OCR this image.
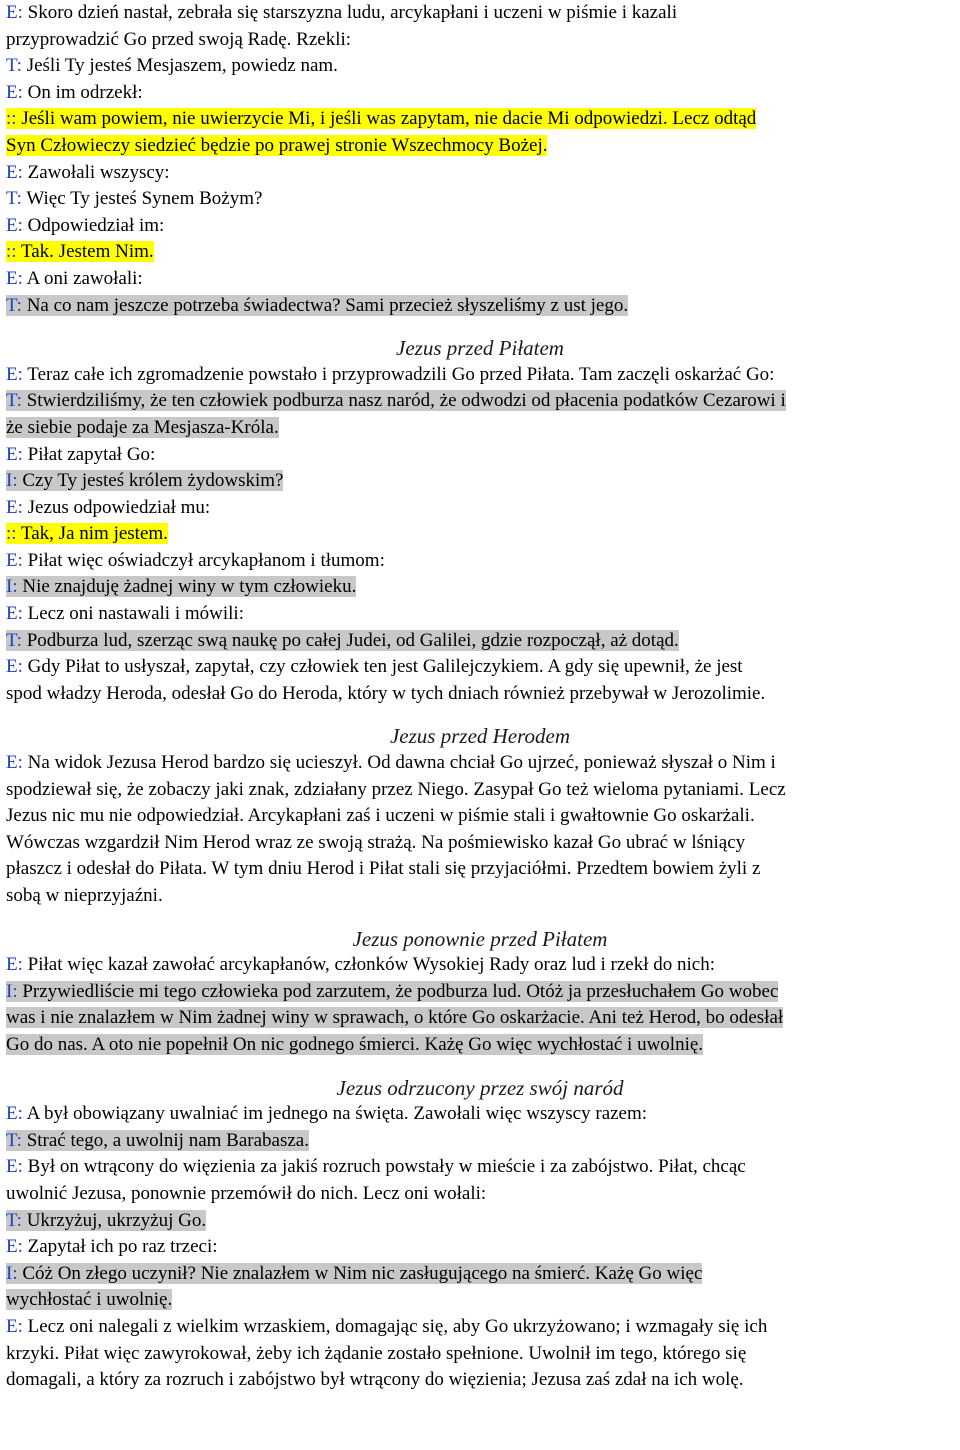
E: Skoro dzień nastał, zebrała się starszyzna ludu, arcykapłani i uczeni w piśmie i kazali
przyprowadzić Go przed swoją Radę. Rzekli:
T: Jeśli Ty jesteś Mesjaszem, powiedz nam.
E: On im odrzekł:
:: Jeśli wam powiem, nie uwierzycie Mi, i jeśli was zapytam, nie dacie Mi odpowiedzi. Lecz odtąd
Syn Człowieczy siedzieć będzie po prawej stronie Wszechmocy Bożej.
E: Zawołali wszyscy:
T: Więc Ty jesteś Synem Bożym?
E: Odpowiedział im:
:: Tak. Jestem Nim.
E: A oni zawołali:
T: Na co nam jeszcze potrzeba świadectwa? Sami przecież słyszeliśmy z ust jego.
Jezus przed Piłatem
E: Teraz całe ich zgromadzenie powstało i przyprowadzili Go przed Piłata. Tam zaczęli oskarżać Go:
T: Stwierdziliśmy, że ten człowiek podburza nasz naród, że odwodzi od płacenia podatków Cezarowi i
że siebie podaje za Mesjasza-Króla.
E: Piłat zapytał Go:
I: Czy Ty jesteś królem żydowskim?
E: Jezus odpowiedział mu:
:: Tak, Ja nim jestem.
E: Piłat więc oświadczył arcykapłanom i tłumom:
I: Nie znajduję żadnej winy w tym człowieku.
E: Lecz oni nastawali i mówili:
T: Podburza lud, szerząc swą naukę po całej Judei, od Galilei, gdzie rozpoczął, aż dotąd.
E: Gdy Piłat to usłyszał, zapytał, czy człowiek ten jest Galilejczykiem. A gdy się upewnił, że jest
spod władzy Heroda, odesłał Go do Heroda, który w tych dniach również przebywał w Jerozolimie.
Jezus przed Herodem
E: Na widok Jezusa Herod bardzo się ucieszył. Od dawna chciał Go ujrzeć, ponieważ słyszał o Nim i
spodziewał się, że zobaczy jaki znak, zdziałany przez Niego. Zasypał Go też wieloma pytaniami. Lecz
Jezus nic mu nie odpowiedział. Arcykapłani zaś i uczeni w piśmie stali i gwałtownie Go oskarżali.
Wówczas wzgardził Nim Herod wraz ze swoją strażą. Na pośmiewisko kazał Go ubrać w lśniący
płaszcz i odesłał do Piłata. W tym dniu Herod i Piłat stali się przyjaciółmi. Przedtem bowiem żyli z
sobą w nieprzyjaźni.
Jezus ponownie przed Piłatem
E: Piłat więc kazał zawołać arcykapłanów, członków Wysokiej Rady oraz lud i rzekł do nich:
I: Przywiedliście mi tego człowieka pod zarzutem, że podburza lud. Otóż ja przesłuchałem Go wobec
was i nie znalazłem w Nim żadnej winy w sprawach, o które Go oskarżacie. Ani też Herod, bo odesłał
Go do nas. A oto nie popełnił On nic godnego śmierci. Każę Go więc wychłostać i uwolnię.
Jezus odrzucony przez swój naród
E: A był obowiązany uwalniać im jednego na święta. Zawołali więc wszyscy razem:
T: Strać tego, a uwolnij nam Barabasza.
E: Był on wtrącony do więzienia za jakiś rozruch powstały w mieście i za zabójstwo. Piłat, chcąc
uwolnić Jezusa, ponownie przemówił do nich. Lecz oni wołali:
T: Ukrzyżuj, ukrzyżuj Go.
E: Zapytał ich po raz trzeci:
I: Cóż On złego uczynił? Nie znalazłem w Nim nic zasługującego na śmierć. Każę Go więc
wychłostać i uwolnię.
E: Lecz oni nalegali z wielkim wrzaskiem, domagając się, aby Go ukrzyżowano; i wzmagały się ich
krzyki. Piłat więc zawyrokował, żeby ich żądanie zostało spełnione. Uwolnił im tego, którego się
domagali, a który za rozruch i zabójstwo był wtrącony do więzienia; Jezusa zaś zdał na ich wolę.
